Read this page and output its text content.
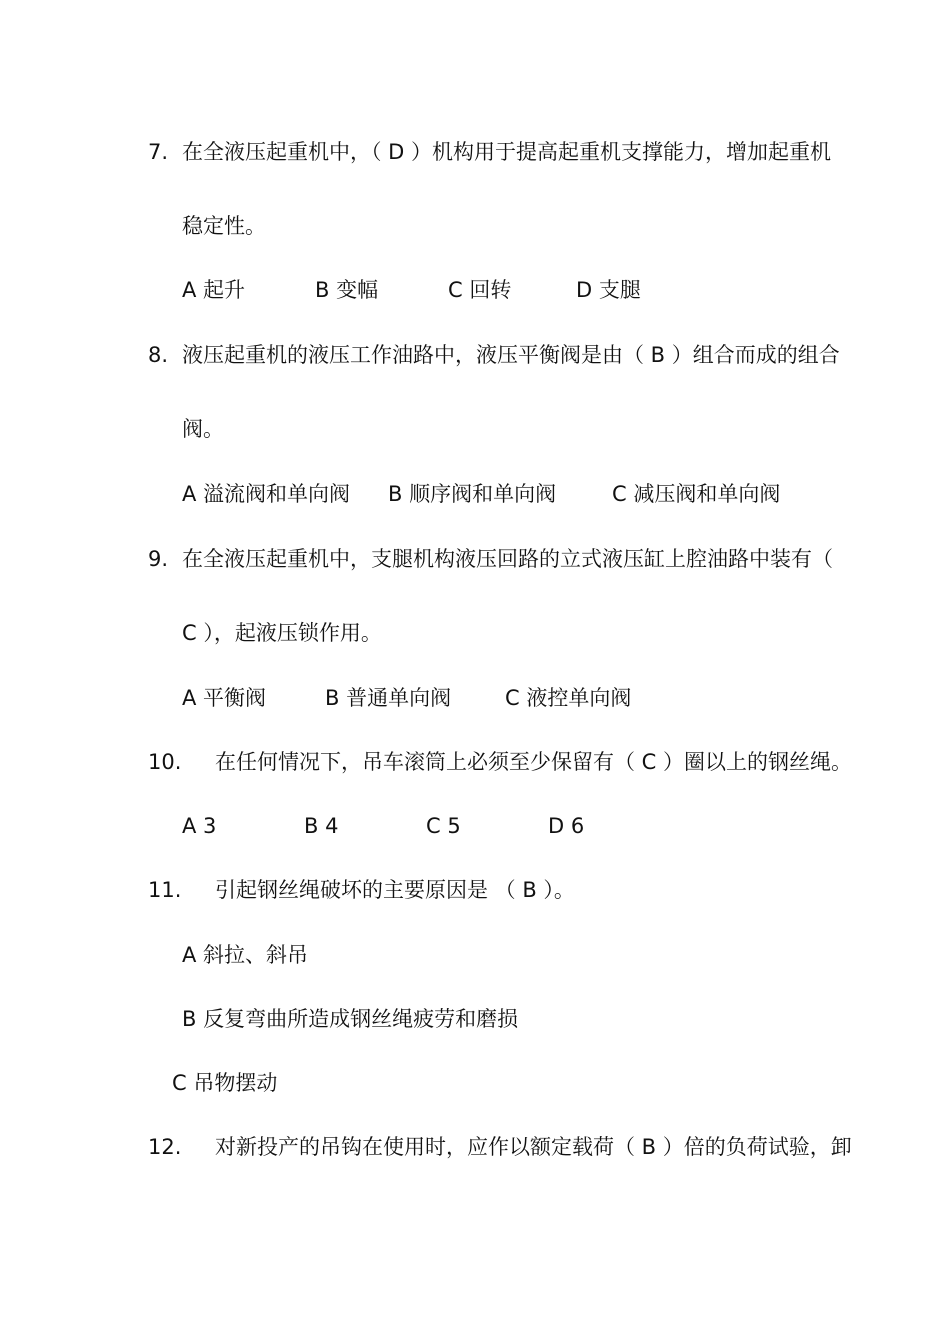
7. 在全液压起重机中，（ D ）机构用于提高起重机支撑能力，增加起重机
稳定性。
A 起升	B 变幅	C 回转	D 支腿
8. 液压起重机的液压工作油路中，液压平衡阀是由（ B ）组合而成的组合
阀。
A 溢流阀和单向阀 B 顺序阀和单向阀	C 减压阀和单向阀
9. 在全液压起重机中，支腿机构液压回路的立式液压缸上腔油路中装有（
C ），起液压锁作用。
A 平衡阀	B 普通单向阀	C 液控单向阀
10. 在任何情况下，吊车滚筒上必须至少保留有（ C ）圈以上的钢丝绳。
A 3	B 4	C 5	D 6
11. 引起钢丝绳破坏的主要原因是 （ B ）。
A 斜拉、斜吊
B 反复弯曲所造成钢丝绳疲劳和磨损
C 吊物摆动
12. 对新投产的吊钩在使用时，应作以额定载荷（ B ）倍的负荷试验，卸
